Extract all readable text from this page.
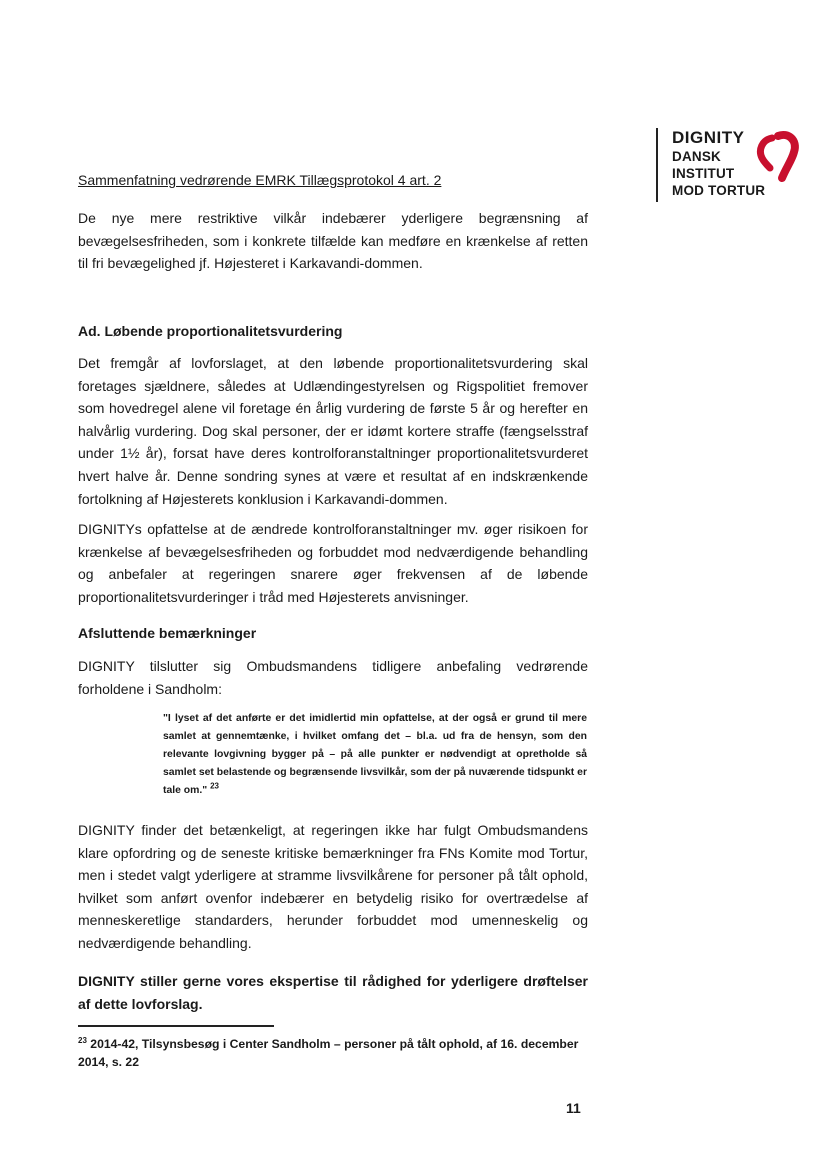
DIGNITY
DANSK
INSTITUT
MOD TORTUR
Sammenfatning vedrørende EMRK Tillægsprotokol 4 art. 2
De nye mere restriktive vilkår indebærer yderligere begrænsning af bevægelsesfriheden, som i konkrete tilfælde kan medføre en krænkelse af retten til fri bevægelighed jf. Højesteret i Karkavandi-dommen.
Ad. Løbende proportionalitetsvurdering
Det fremgår af lovforslaget, at den løbende proportionalitetsvurdering skal foretages sjældnere, således at Udlændingestyrelsen og Rigspolitiet fremover som hovedregel alene vil foretage én årlig vurdering de første 5 år og herefter en halvårlig vurdering. Dog skal personer, der er idømt kortere straffe (fængselsstraf under 1½ år), forsat have deres kontrolforanstaltninger proportionalitetsvurderet hvert halve år. Denne sondring synes at være et resultat af en indskrænkende fortolkning af Højesterets konklusion i Karkavandi-dommen.
DIGNITYs opfattelse at de ændrede kontrolforanstaltninger mv. øger risikoen for krænkelse af bevægelsesfriheden og forbuddet mod nedværdigende behandling og anbefaler at regeringen snarere øger frekvensen af de løbende proportionalitetsvurderinger i tråd med Højesterets anvisninger.
Afsluttende bemærkninger
DIGNITY tilslutter sig Ombudsmandens tidligere anbefaling vedrørende forholdene i Sandholm:
"I lyset af det anførte er det imidlertid min opfattelse, at der også er grund til mere samlet at gennemtænke, i hvilket omfang det – bl.a. ud fra de hensyn, som den relevante lovgivning bygger på – på alle punkter er nødvendigt at opretholde så samlet set belastende og begrænsende livsvilkår, som der på nuværende tidspunkt er tale om." $^{23}$
DIGNITY finder det betænkeligt, at regeringen ikke har fulgt Ombudsmandens klare opfordring og de seneste kritiske bemærkninger fra FNs Komite mod Tortur, men i stedet valgt yderligere at stramme livsvilkårene for personer på tålt ophold, hvilket som anført ovenfor indebærer en betydelig risiko for overtrædelse af menneskeretlige standarders, herunder forbuddet mod umenneskelig og nedværdigende behandling.
DIGNITY stiller gerne vores ekspertise til rådighed for yderligere drøftelser af dette lovforslag.
$^{23}$ 2014-42, Tilsynsbesøg i Center Sandholm – personer på tålt ophold, af 16. december 2014, s. 22
11
